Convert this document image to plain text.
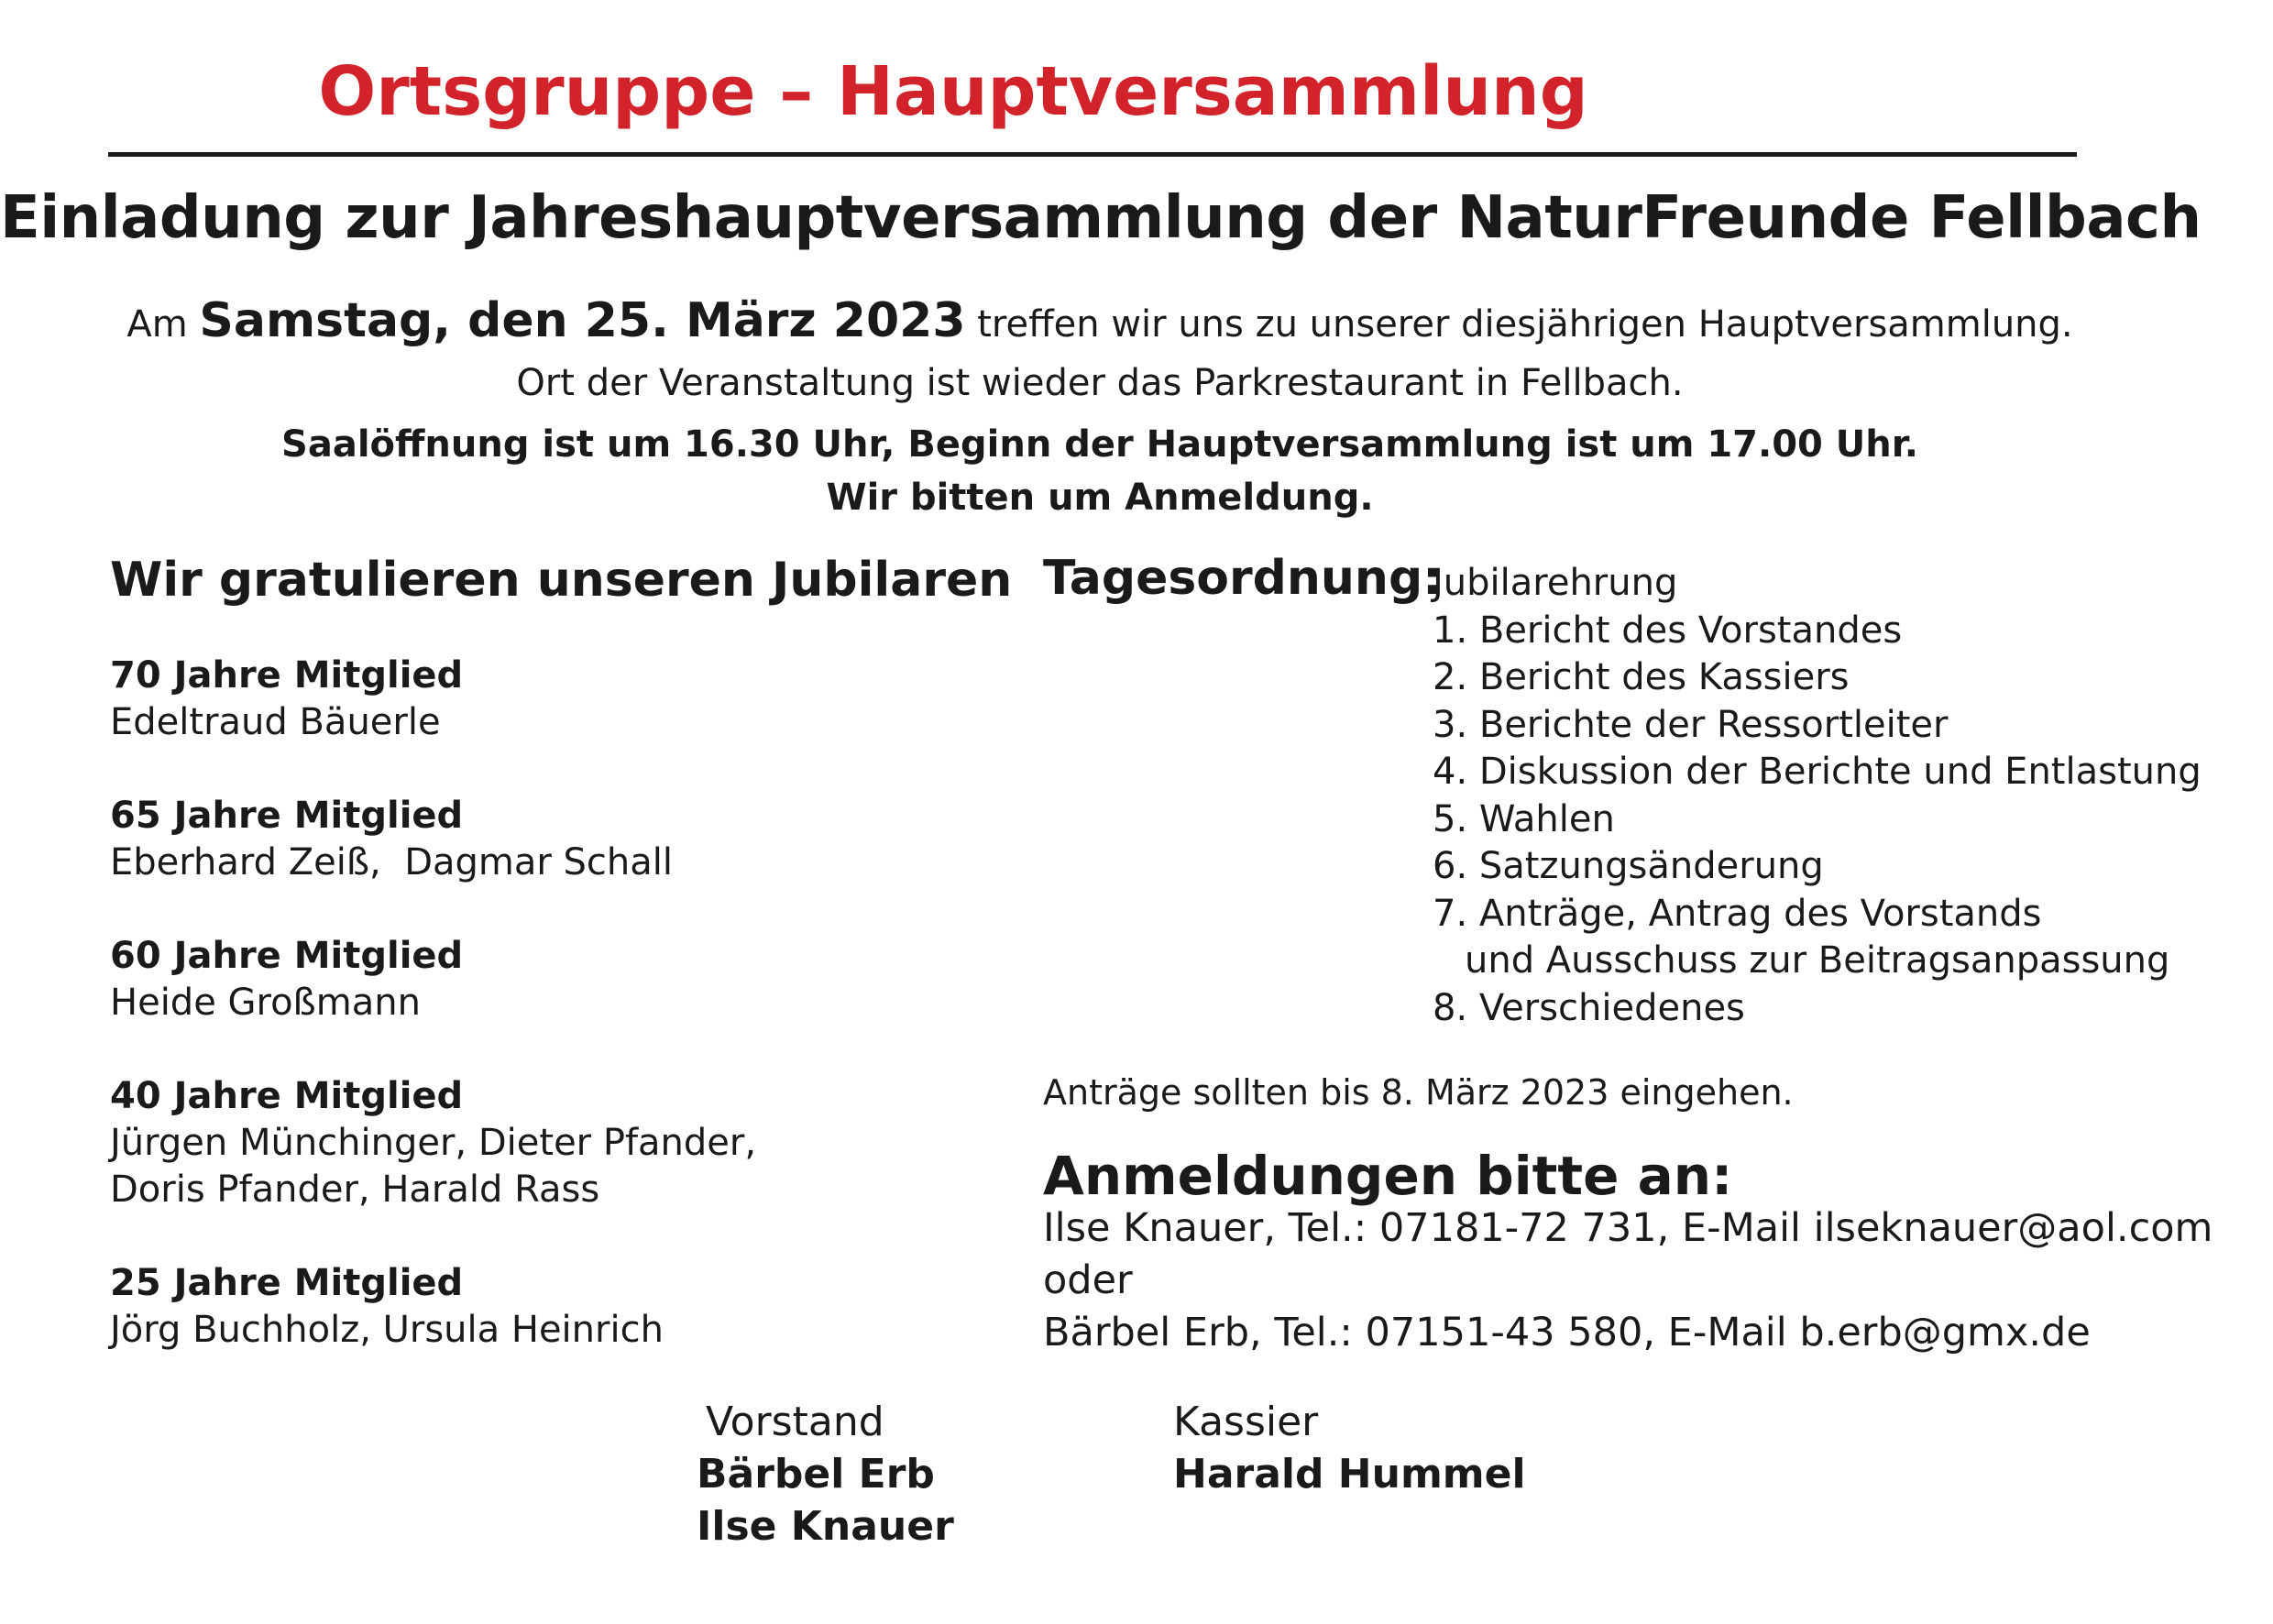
Ortsgruppe – Hauptversammlung
Einladung zur Jahreshauptversammlung der NaturFreunde Fellbach
Am Samstag, den 25. März 2023 treffen wir uns zu unserer diesjährigen Hauptversammlung.
Ort der Veranstaltung ist wieder das Parkrestaurant in Fellbach.
Saalöffnung ist um 16.30 Uhr, Beginn der Hauptversammlung ist um 17.00 Uhr.
Wir bitten um Anmeldung.
Wir gratulieren unseren Jubilaren
70 Jahre Mitglied
Edeltraud Bäuerle
65 Jahre Mitglied
Eberhard Zeiß,  Dagmar Schall
60 Jahre Mitglied
Heide Großmann
40 Jahre Mitglied
Jürgen Münchinger, Dieter Pfander,
Doris Pfander, Harald Rass
25 Jahre Mitglied
Jörg Buchholz, Ursula Heinrich
Tagesordnung:
Jubilarehrung
1. Bericht des Vorstandes
2. Bericht des Kassiers
3. Berichte der Ressortleiter
4. Diskussion der Berichte und Entlastung
5. Wahlen
6. Satzungsänderung
7. Anträge, Antrag des Vorstands
und Ausschuss zur Beitragsanpassung
8. Verschiedenes
Anträge sollten bis 8. März 2023 eingehen.
Anmeldungen bitte an:
Ilse Knauer, Tel.: 07181-72 731, E-Mail ilseknauer@aol.com
oder
Bärbel Erb, Tel.: 07151-43 580, E-Mail b.erb@gmx.de
Vorstand
Bärbel Erb
Ilse Knauer
Kassier
Harald Hummel
